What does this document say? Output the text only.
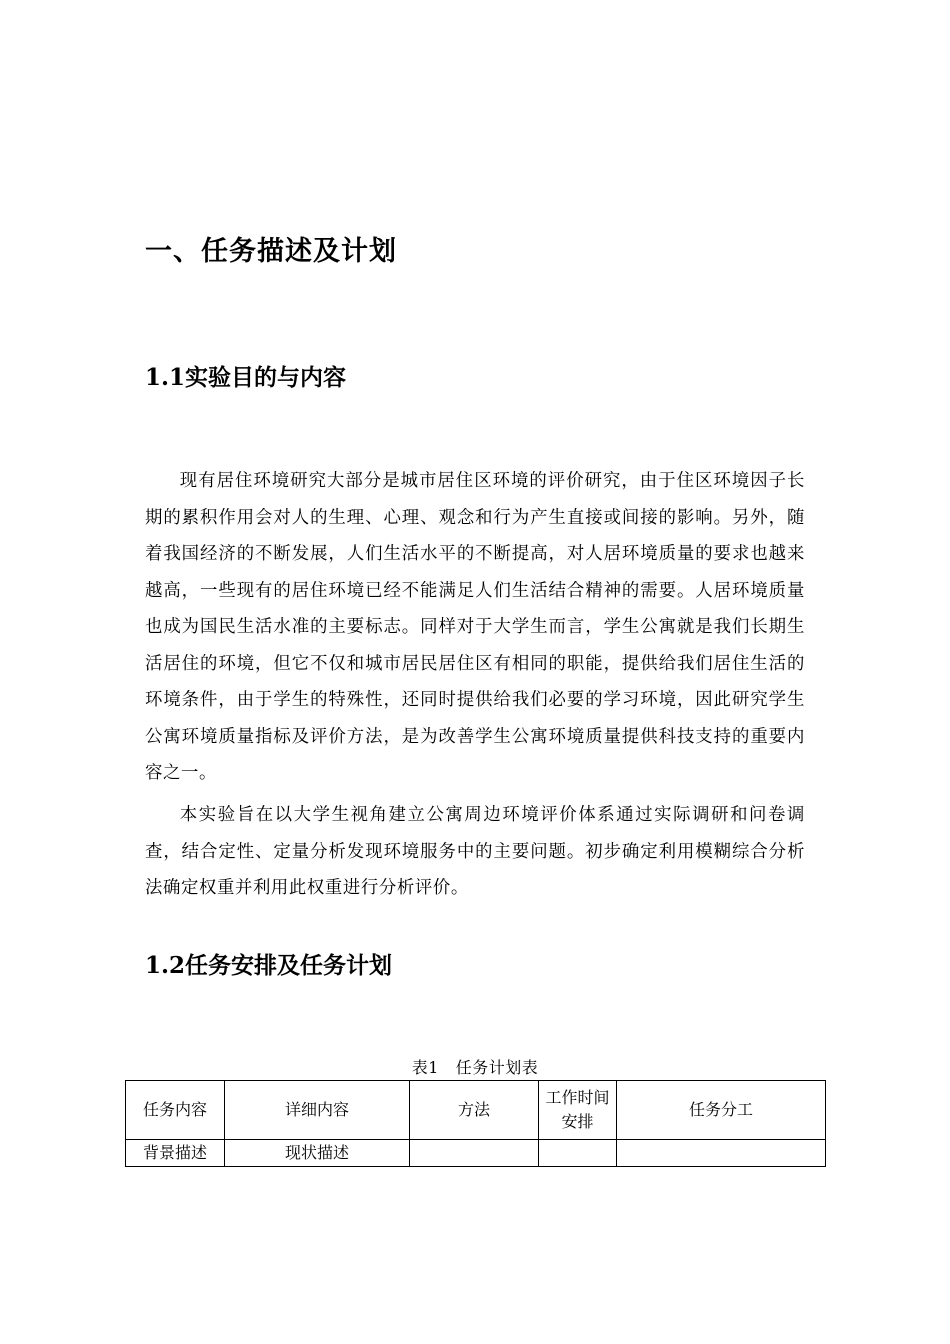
一、任务描述及计划
1.1实验目的与内容

现有居住环境研究大部分是城市居住区环境的评价研究，由于住区环境因子长期的累积作用会对人的生理、心理、观念和行为产生直接或间接的影响。另外，随着我国经济的不断发展，人们生活水平的不断提高，对人居环境质量的要求也越来越高，一些现有的居住环境已经不能满足人们生活结合精神的需要。人居环境质量也成为国民生活水准的主要标志。同样对于大学生而言，学生公寓就是我们长期生活居住的环境，但它不仅和城市居民居住区有相同的职能，提供给我们居住生活的环境条件，由于学生的特殊性，还同时提供给我们必要的学习环境，因此研究学生公寓环境质量指标及评价方法，是为改善学生公寓环境质量提供科技支持的重要内容之一。

本实验旨在以大学生视角建立公寓周边环境评价体系通过实际调研和问卷调查，结合定性、定量分析发现环境服务中的主要问题。初步确定利用模糊综合分析法确定权重并利用此权重进行分析评价。

1.2任务安排及任务计划
表1   任务计划表
任务内容	详细内容	方法	工作时间安排	任务分工
背景描述	现状描述			
